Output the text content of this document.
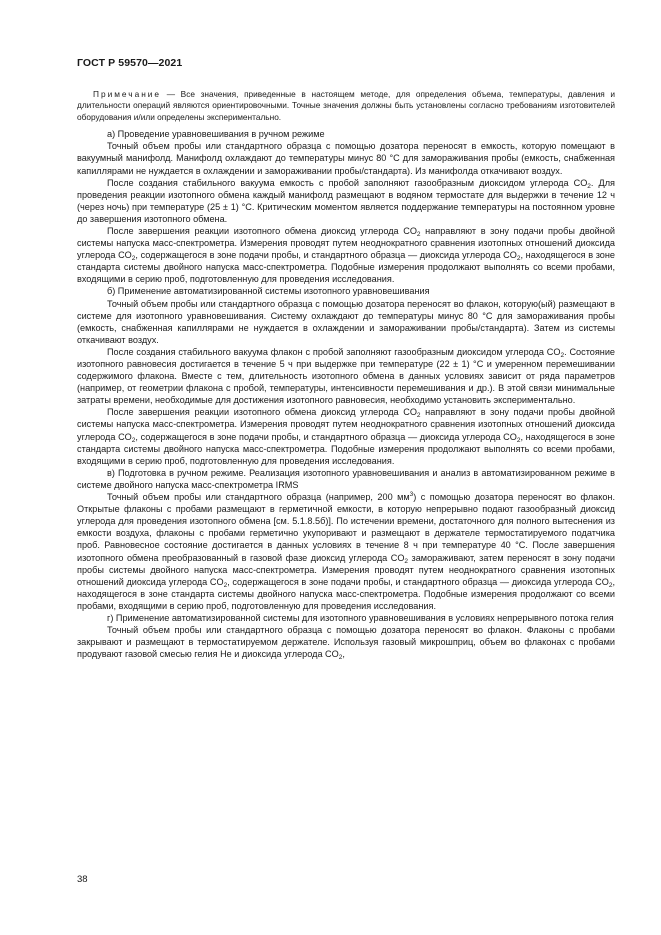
ГОСТ Р 59570—2021

Примечание — Все значения, приведенные в настоящем методе, для определения объема, температуры, давления и длительности операций являются ориентировочными. Точные значения должны быть установлены согласно требованиям изготовителей оборудования и/или определены экспериментально.

а) Проведение уравновешивания в ручном режиме

Точный объем пробы или стандартного образца с помощью дозатора переносят в емкость, которую помещают в вакуумный манифолд. Манифолд охлаждают до температуры минус 80 °С для замораживания пробы (емкость, снабженная капиллярами не нуждается в охлаждении и замораживании пробы/стандарта). Из манифолда откачивают воздух.

После создания стабильного вакуума емкость с пробой заполняют газообразным диоксидом углерода $CO_2$. Для проведения реакции изотопного обмена каждый манифолд размещают в водяном термостате для выдержки в течение 12 ч (через ночь) при температуре (25 ± 1) °С. Критическим моментом является поддержание температуры на постоянном уровне до завершения изотопного обмена.

После завершения реакции изотопного обмена диоксид углерода $CO_2$ направляют в зону подачи пробы двойной системы напуска масс-спектрометра. Измерения проводят путем неоднократного сравнения изотопных отношений диоксида углерода $CO_2$, содержащегося в зоне подачи пробы, и стандартного образца — диоксида углерода $CO_2$, находящегося в зоне стандарта системы двойного напуска масс-спектрометра. Подобные измерения продолжают выполнять со всеми пробами, входящими в серию проб, подготовленную для проведения исследования.

б) Применение автоматизированной системы изотопного уравновешивания

Точный объем пробы или стандартного образца с помощью дозатора переносят во флакон, которую(ый) размещают в системе для изотопного уравновешивания. Систему охлаждают до температуры минус 80 °С для замораживания пробы (емкость, снабженная капиллярами не нуждается в охлаждении и замораживании пробы/стандарта). Затем из системы откачивают воздух.

После создания стабильного вакуума флакон с пробой заполняют газообразным диоксидом углерода $CO_2$. Состояние изотопного равновесия достигается в течение 5 ч при выдержке при температуре (22 ± 1) °С и умеренном перемешивании содержимого флакона. Вместе с тем, длительность изотопного обмена в данных условиях зависит от ряда параметров (например, от геометрии флакона с пробой, температуры, интенсивности перемешивания и др.). В этой связи минимальные затраты времени, необходимые для достижения изотопного равновесия, необходимо установить экспериментально.

После завершения реакции изотопного обмена диоксид углерода $CO_2$ направляют в зону подачи пробы двойной системы напуска масс-спектрометра. Измерения проводят путем неоднократного сравнения изотопных отношений диоксида углерода $CO_2$, содержащегося в зоне подачи пробы, и стандартного образца — диоксида углерода $CO_2$, находящегося в зоне стандарта системы двойного напуска масс-спектрометра. Подобные измерения продолжают выполнять со всеми пробами, входящими в серию проб, подготовленную для проведения исследования.

в) Подготовка в ручном режиме. Реализация изотопного уравновешивания и анализ в автоматизированном режиме в системе двойного напуска масс-спектрометра IRMS

Точный объем пробы или стандартного образца (например, 200 $мм^3$) с помощью дозатора переносят во флакон. Открытые флаконы с пробами размещают в герметичной емкости, в которую непрерывно подают газообразный диоксид углерода для проведения изотопного обмена [см. 5.1.8.5б)]. По истечении времени, достаточного для полного вытеснения из емкости воздуха, флаконы с пробами герметично укупоривают и размещают в держателе термостатируемого податчика проб. Равновесное состояние достигается в данных условиях в течение 8 ч при температуре 40 °С. После завершения изотопного обмена преобразованный в газовой фазе диоксид углерода $CO_2$ замораживают, затем переносят в зону подачи пробы системы двойного напуска масс-спектрометра. Измерения проводят путем неоднократного сравнения изотопных отношений диоксида углерода $CO_2$, содержащегося в зоне подачи пробы, и стандартного образца — диоксида углерода $CO_2$, находящегося в зоне стандарта системы двойного напуска масс-спектрометра. Подобные измерения продолжают со всеми пробами, входящими в серию проб, подготовленную для проведения исследования.

г) Применение автоматизированной системы для изотопного уравновешивания в условиях непрерывного потока гелия

Точный объем пробы или стандартного образца с помощью дозатора переносят во флакон. Флаконы с пробами закрывают и размещают в термостатируемом держателе. Используя газовый микрошприц, объем во флаконах с пробами продувают газовой смесью гелия He и диоксида углерода $CO_2$,

38
